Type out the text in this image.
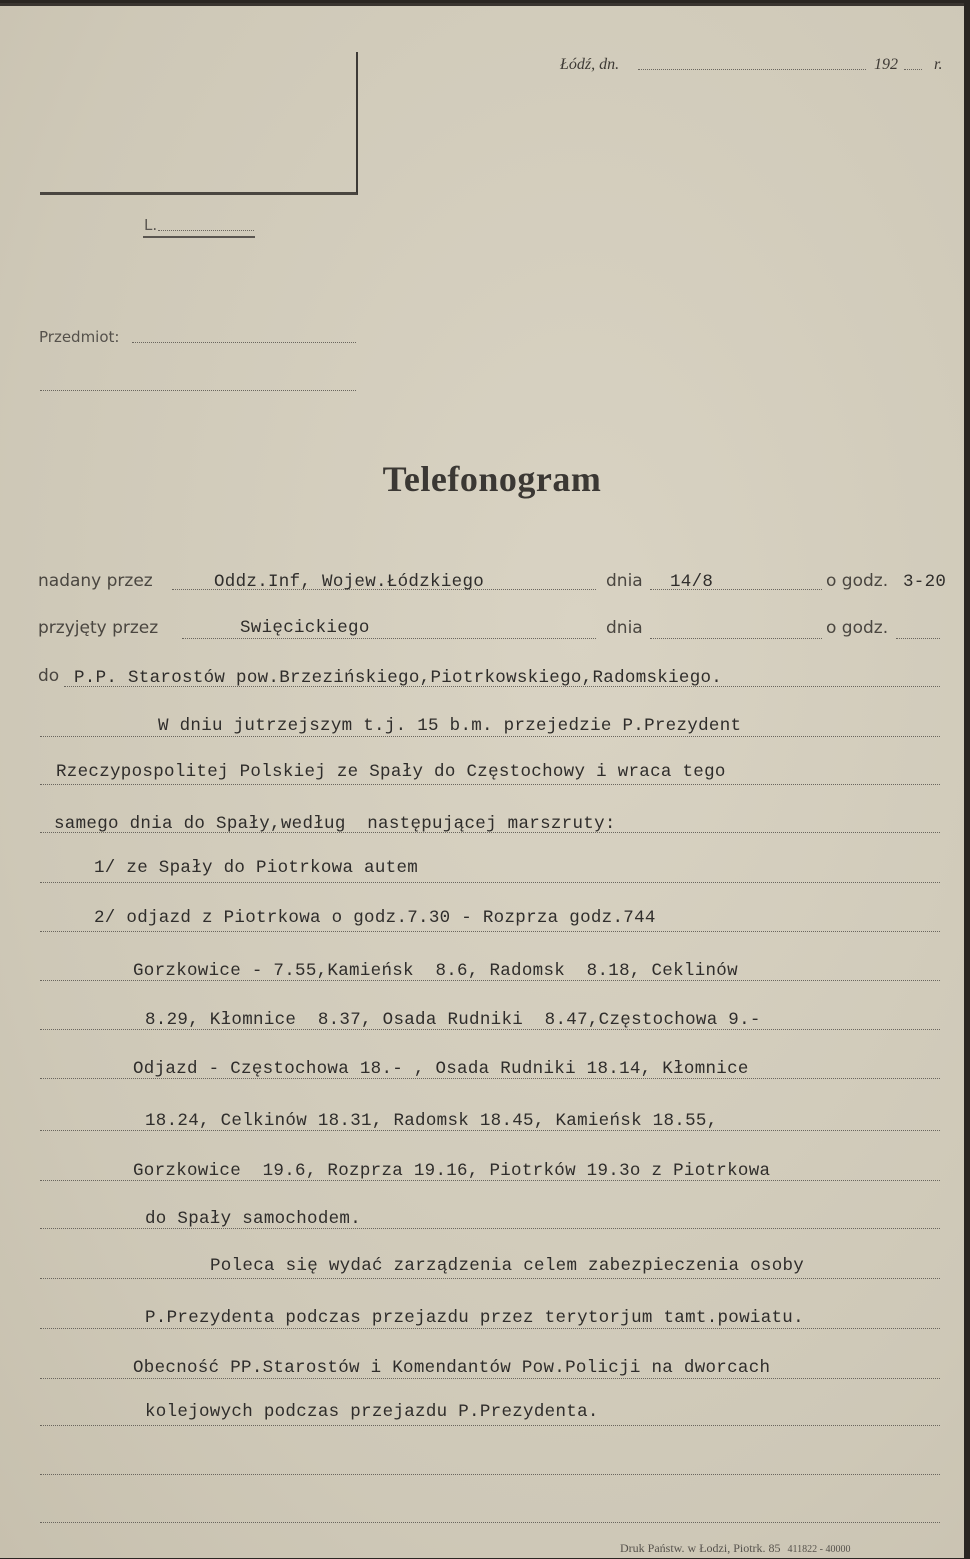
L.
Łódź, dn.	192 r.
Przedmiot:
Telefonogram
nadany przez	Oddz.Inf, Wojew.Łódzkiego	dnia 14/8	o godz. 3-20
przyjęty przez	Swięcickiego	dnia	o godz.
do P.P. Starostów pow.Brzezińskiego,Piotrkowskiego,Radomskiego.
W dniu jutrzejszym t.j. 15 b.m. przejedzie P.Prezydent
Rzeczypospolitej Polskiej ze Spały do Częstochowy i wraca tego
samego dnia do Spały,według  następującej marszruty:
1/ ze Spały do Piotrkowa autem
2/ odjazd z Piotrkowa o godz.7.30 - Rozprza godz.744
Gorzkowice - 7.55,Kamieńsk  8.6, Radomsk  8.18, Ceklinów
8.29, Kłomnice  8.37, Osada Rudniki  8.47,Częstochowa 9.-
Odjazd - Częstochowa 18.- , Osada Rudniki 18.14, Kłomnice
18.24, Celkinów 18.31, Radomsk 18.45, Kamieńsk 18.55,
Gorzkowice  19.6, Rozprza 19.16, Piotrków 19.3o z Piotrkowa
do Spały samochodem.
Poleca się wydać zarządzenia celem zabezpieczenia osoby
P.Prezydenta podczas przejazdu przez terytorjum tamt.powiatu.
Obecność PP.Starostów i Komendantów Pow.Policji na dworcach
kolejowych podczas przejazdu P.Prezydenta.
Druk Państw. w Łodzi, Piotrk. 85 411822 - 40000
